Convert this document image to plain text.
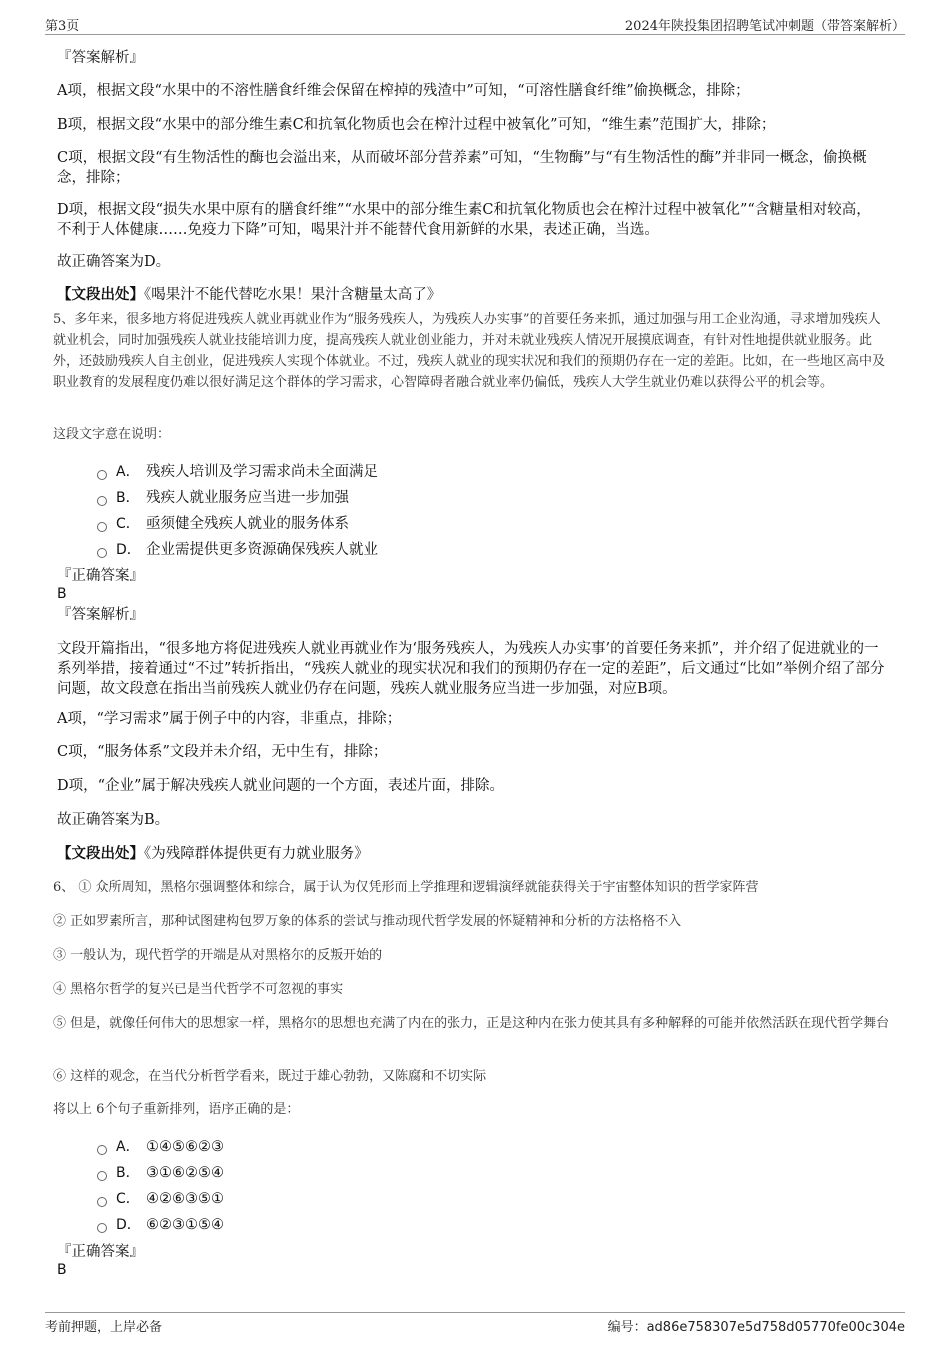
第3页	2024年陕投集团招聘笔试冲刺题（带答案解析）
『答案解析』
A项，根据文段“水果中的不溶性膳食纤维会保留在榨掉的残渣中”可知，“可溶性膳食纤维”偷换概念，排除；
B项，根据文段“水果中的部分维生素C和抗氧化物质也会在榨汁过程中被氧化”可知，“维生素”范围扩大，排除；
C项，根据文段“有生物活性的酶也会溢出来，从而破坏部分营养素”可知，“生物酶”与“有生物活性的酶”并非同一概念，偷换概念，排除；
D项，根据文段“损失水果中原有的膳食纤维”“水果中的部分维生素C和抗氧化物质也会在榨汁过程中被氧化”“含糖量相对较高，不利于人体健康……免疫力下降”可知，喝果汁并不能替代食用新鲜的水果，表述正确，当选。
故正确答案为D。
【文段出处】《喝果汁不能代替吃水果！果汁含糖量太高了》
5、多年来，很多地方将促进残疾人就业再就业作为“服务残疾人，为残疾人办实事”的首要任务来抓，通过加强与用工企业沟通，寻求增加残疾人就业机会，同时加强残疾人就业技能培训力度，提高残疾人就业创业能力，并对未就业残疾人情况开展摸底调查，有针对性地提供就业服务。此外，还鼓励残疾人自主创业，促进残疾人实现个体就业。不过，残疾人就业的现实状况和我们的预期仍存在一定的差距。比如，在一些地区高中及职业教育的发展程度仍难以很好满足这个群体的学习需求，心智障碍者融合就业率仍偏低，残疾人大学生就业仍难以获得公平的机会等。
这段文字意在说明：
A． 残疾人培训及学习需求尚未全面满足
B． 残疾人就业服务应当进一步加强
C． 亟须健全残疾人就业的服务体系
D． 企业需提供更多资源确保残疾人就业
『正确答案』
B
『答案解析』
文段开篇指出，“很多地方将促进残疾人就业再就业作为‘服务残疾人，为残疾人办实事’的首要任务来抓”，并介绍了促进就业的一系列举措，接着通过“不过”转折指出，“残疾人就业的现实状况和我们的预期仍存在一定的差距”，后文通过“比如”举例介绍了部分问题，故文段意在指出当前残疾人就业仍存在问题，残疾人就业服务应当进一步加强，对应B项。
A项，“学习需求”属于例子中的内容，非重点，排除；
C项，“服务体系”文段并未介绍，无中生有，排除；
D项，“企业”属于解决残疾人就业问题的一个方面，表述片面，排除。
故正确答案为B。
【文段出处】《为残障群体提供更有力就业服务》
6、 ① 众所周知，黑格尔强调整体和综合，属于认为仅凭形而上学推理和逻辑演绎就能获得关于宇宙整体知识的哲学家阵营
② 正如罗素所言，那种试图建构包罗万象的体系的尝试与推动现代哲学发展的怀疑精神和分析的方法格格不入
③ 一般认为，现代哲学的开端是从对黑格尔的反叛开始的
④ 黑格尔哲学的复兴已是当代哲学不可忽视的事实
⑤ 但是，就像任何伟大的思想家一样，黑格尔的思想也充满了内在的张力，正是这种内在张力使其具有多种解释的可能并依然活跃在现代哲学舞台
⑥ 这样的观念，在当代分析哲学看来，既过于雄心勃勃，又陈腐和不切实际
将以上 6个句子重新排列，语序正确的是：
A． ①④⑤⑥②③
B． ③①⑥②⑤④
C． ④②⑥③⑤①
D． ⑥②③①⑤④
『正确答案』
B
考前押题，上岸必备	编号：ad86e758307e5d758d05770fe00c304e
